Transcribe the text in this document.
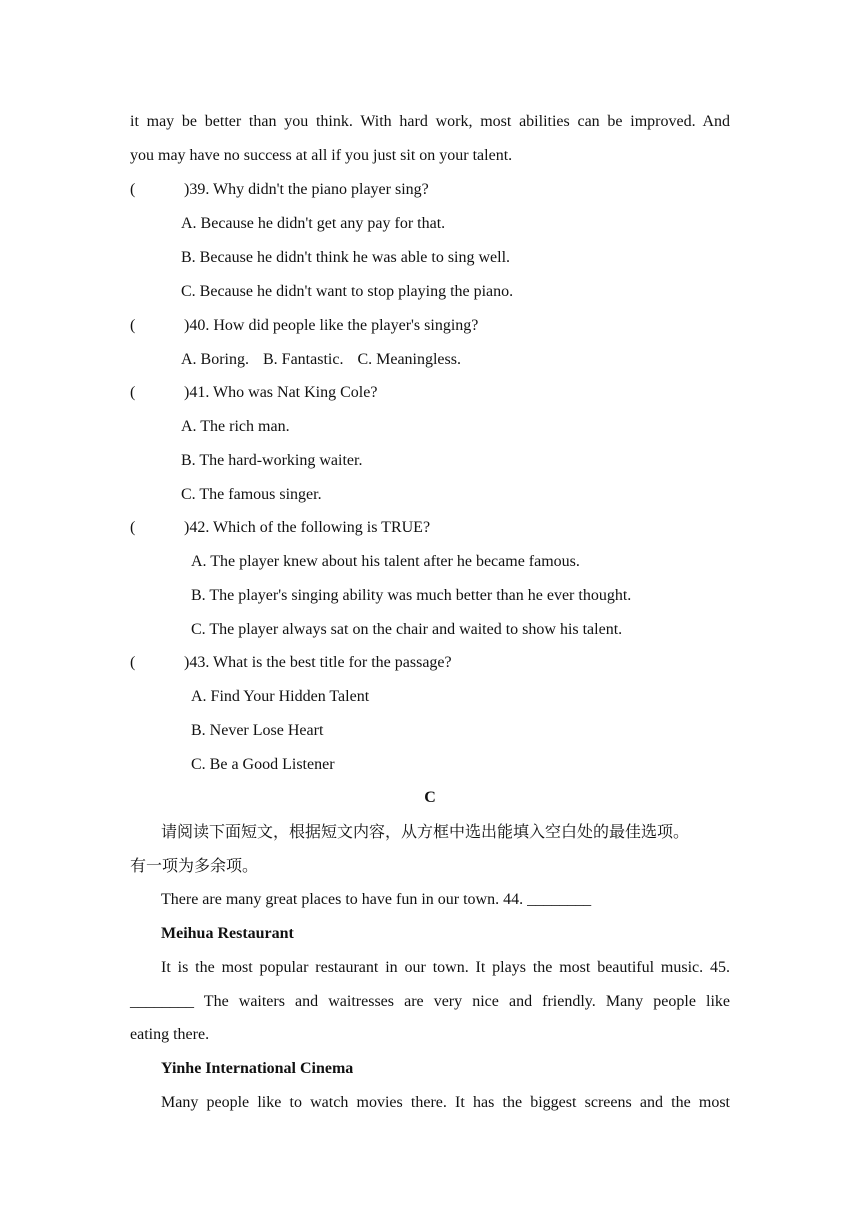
it may be better than you think. With hard work, most abilities can be improved. And
you may have no success at all if you just sit on your talent.
(	)39. Why didn't the piano player sing?
A. Because he didn't get any pay for that.
B. Because he didn't think he was able to sing well.
C. Because he didn't want to stop playing the piano.
(	)40. How did people like the player's singing?
A. Boring. B. Fantastic. C. Meaningless.
(	)41. Who was Nat King Cole?
A. The rich man.
B. The hard-working waiter.
C. The famous singer.
(	)42. Which of the following is TRUE?
A. The player knew about his talent after he became famous.
B. The player's singing ability was much better than he ever thought.
C. The player always sat on the chair and waited to show his talent.
(	)43. What is the best title for the passage?
A. Find Your Hidden Talent
B. Never Lose Heart
C. Be a Good Listener
C
请阅读下面短文，根据短文内容，从方框中选出能填入空白处的最佳选项。
有一项为多余项。
There are many great places to have fun in our town. 44. ________
Meihua Restaurant
It is the most popular restaurant in our town. It plays the most beautiful music. 45.
________ The waiters and waitresses are very nice and friendly. Many people like
eating there.
Yinhe International Cinema
Many people like to watch movies there. It has the biggest screens and the most
